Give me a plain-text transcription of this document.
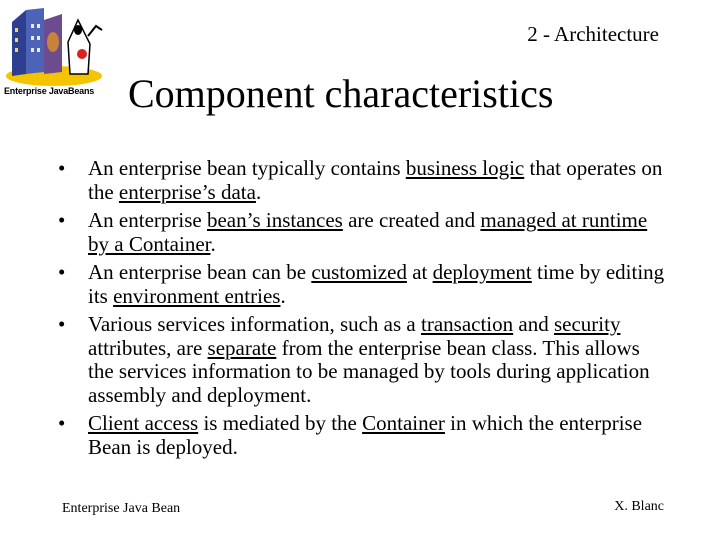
Enterprise JavaBeans
2 - Architecture
Component characteristics
• An enterprise bean typically contains business logic that operates on the enterprise’s data.
• An enterprise bean’s instances are created and managed at runtime by a Container.
• An enterprise bean can be customized at deployment time by editing its environment entries.
• Various services information, such as a transaction and security attributes, are separate from the enterprise bean class. This allows the services information to be managed by tools during application assembly and deployment.
• Client access is mediated by the Container in which the enterprise Bean is deployed.
Enterprise Java Bean	X. Blanc
